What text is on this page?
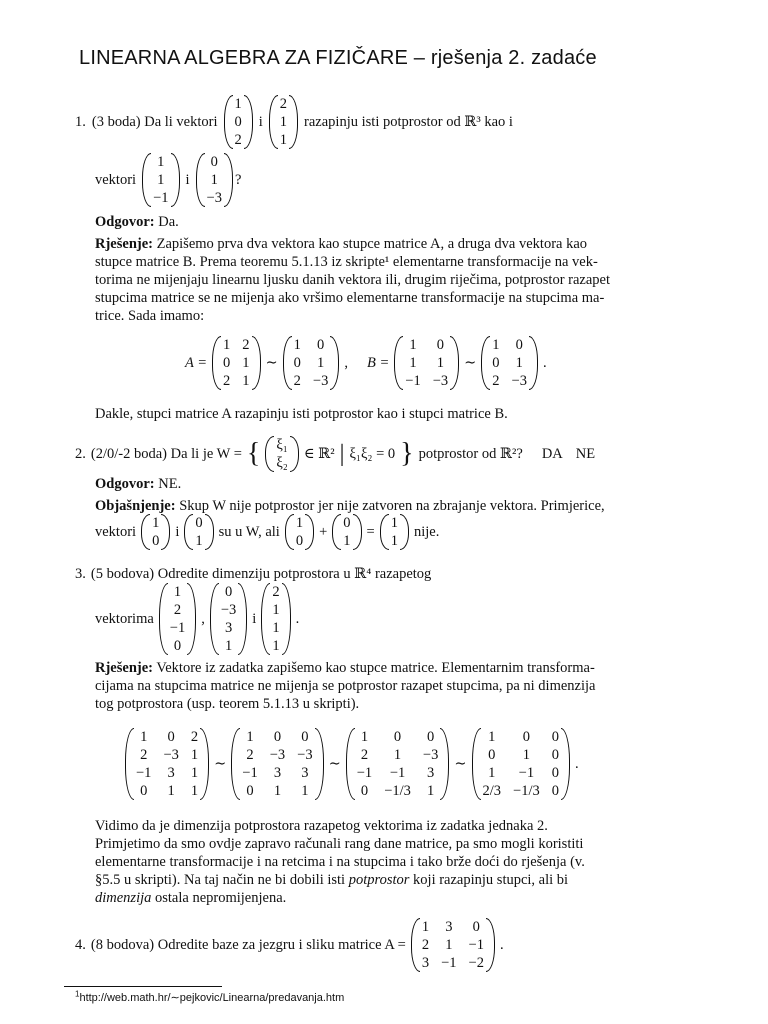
LINEARNA ALGEBRA ZA FIZIČARE – rješenja 2. zadaće
1. (3 boda) Da li vektori
1
0
2
i
2
1
1
razapinju isti potprostor od ℝ³ kao i
vektori
1
1
−1
i
0
1
−3
?
Odgovor: Da.
Rješenje: Zapišemo prva dva vektora kao stupce matrice A, a druga dva vektora kao
stupce matrice B. Prema teoremu 5.1.13 iz skripte¹ elementarne transformacije na vek-
torima ne mijenjaju linearnu ljusku danih vektora ili, drugim riječima, potprostor razapet
stupcima matrice se ne mijenja ako vršimo elementarne transformacije na stupcima ma-
trice. Sada imamo:
A =
1 2
0 1
2 1
∼
1 0
0 1
2 −3
, B =
1 0
1 1
−1 −3
∼
1 0
0 1
2 −3
.
Dakle, stupci matrice A razapinju isti potprostor kao i stupci matrice B.
2. (2/0/-2 boda) Da li je W = { ξ₁
ξ₂
∈ ℝ² | ξ₁ξ₂ = 0 } potprostor od ℝ²? DA NE
Odgovor: NE.
Objašnjenje: Skup W nije potprostor jer nije zatvoren na zbrajanje vektora. Primjerice,
vektori
1
0
i
0
1
su u W, ali
1
0
+
0
1
=
1
1
nije.
3. (5 bodova) Odredite dimenziju potprostora u ℝ⁴ razapetog
vektorima
1
2
−1
0
,
0
−3
3
1
i
2
1
1
1
.
Rješenje: Vektore iz zadatka zapišemo kao stupce matrice. Elementarnim transforma-
cijama na stupcima matrice ne mijenja se potprostor razapet stupcima, pa ni dimenzija
tog potprostora (usp. teorem 5.1.13 u skripti).
1 0 2
2 −3 1
−1 3 1
0 1 1
∼
1 0 0
2 −3 −3
−1 3 3
0 1 1
∼
1	0	0
2	1	−3
−1	−1	3
0 −1/3 1
∼
1	0	0
0	1	0
1	−1	0
2/3 −1/3 0
.
Vidimo da je dimenzija potprostora razapetog vektorima iz zadatka jednaka 2.
Primjetimo da smo ovdje zapravo računali rang dane matrice, pa smo mogli koristiti
elementarne transformacije i na retcima i na stupcima i tako brže doći do rješenja (v.
§5.5 u skripti). Na taj način ne bi dobili isti potprostor koji razapinju stupci, ali bi
dimenzija ostala nepromijenjena.
4. (8 bodova) Odredite baze za jezgru i sliku matrice A =
1 3 0
2 1 −1
3 −1 −2
.
$^1$http://web.math.hr/∼pejkovic/Linearna/predavanja.htm
